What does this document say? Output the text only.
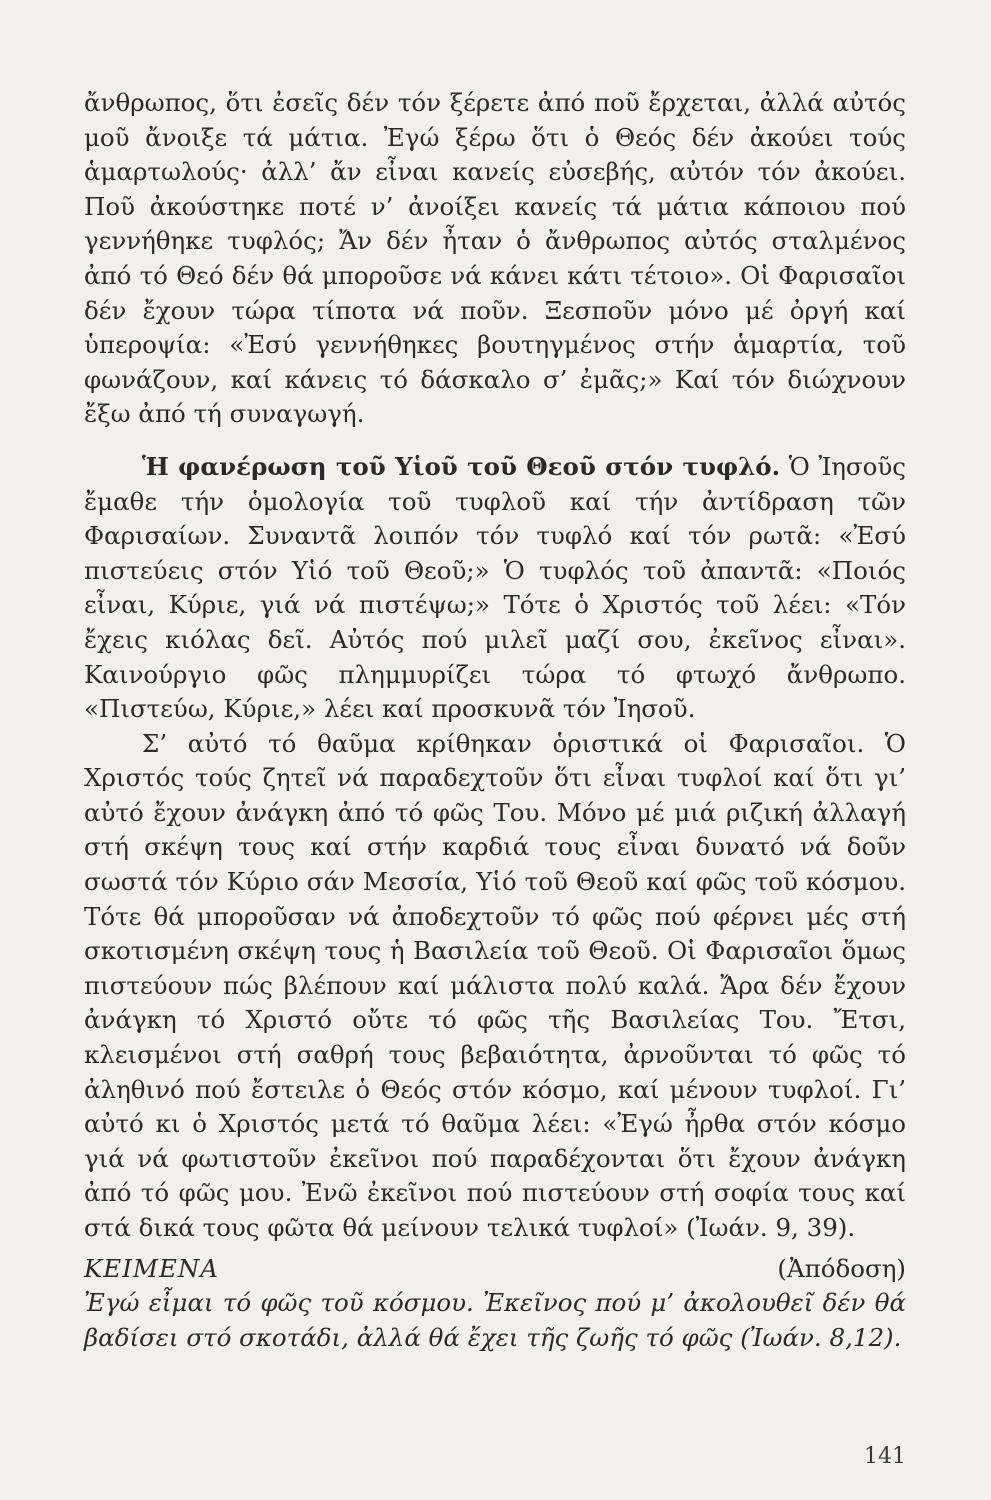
ἄνθρωπος, ὅτι ἐσεῖς δέν τόν ξέρετε ἀπό ποῦ ἔρχεται, ἀλλά αὐτός μοῦ ἄνοιξε τά μάτια. Ἐγώ ξέρω ὅτι ὁ Θεός δέν ἀκούει τούς ἁμαρτωλούς· ἀλλ’ ἄν εἶναι κανείς εὐσεβής, αὐτόν τόν ἀκούει. Ποῦ ἀκούστηκε ποτέ ν’ ἀνοίξει κανείς τά μάτια κάποιου πού γεννήθηκε τυφλός; Ἄν δέν ἦταν ὁ ἄνθρωπος αὐτός σταλμένος ἀπό τό Θεό δέν θά μποροῦσε νά κάνει κάτι τέτοιο». Οἱ Φαρισαῖοι δέν ἔχουν τώρα τίποτα νά ποῦν. Ξεσποῦν μόνο μέ ὀργή καί ὑπεροψία: «Ἐσύ γεννήθηκες βουτηγμένος στήν ἁμαρτία, τοῦ φωνάζουν, καί κάνεις τό δάσκαλο σ’ ἐμᾶς;» Καί τόν διώχνουν ἔξω ἀπό τή συναγωγή.

Ἡ φανέρωση τοῦ Υἱοῦ τοῦ Θεοῦ στόν τυφλό. Ὁ Ἰησοῦς ἔμαθε τήν ὁμολογία τοῦ τυφλοῦ καί τήν ἀντίδραση τῶν Φαρισαίων. Συναντᾶ λοιπόν τόν τυφλό καί τόν ρωτᾶ: «Ἐσύ πιστεύεις στόν Υἱό τοῦ Θεοῦ;» Ὁ τυφλός τοῦ ἀπαντᾶ: «Ποιός εἶναι, Κύριε, γιά νά πιστέψω;» Τότε ὁ Χριστός τοῦ λέει: «Τόν ἔχεις κιόλας δεῖ. Αὐτός πού μιλεῖ μαζί σου, ἐκεῖνος εἶναι». Καινούργιο φῶς πλημμυρίζει τώρα τό φτωχό ἄνθρωπο. «Πιστεύω, Κύριε,» λέει καί προσκυνᾶ τόν Ἰησοῦ.

Σ’ αὐτό τό θαῦμα κρίθηκαν ὁριστικά οἱ Φαρισαῖοι. Ὁ Χριστός τούς ζητεῖ νά παραδεχτοῦν ὅτι εἶναι τυφλοί καί ὅτι γι’ αὐτό ἔχουν ἀνάγκη ἀπό τό φῶς Του. Μόνο μέ μιά ριζική ἀλλαγή στή σκέψη τους καί στήν καρδιά τους εἶναι δυνατό νά δοῦν σωστά τόν Κύριο σάν Μεσσία, Υἱό τοῦ Θεοῦ καί φῶς τοῦ κόσμου. Τότε θά μποροῦσαν νά ἀποδεχτοῦν τό φῶς πού φέρνει μές στή σκοτισμένη σκέψη τους ἡ Βασιλεία τοῦ Θεοῦ. Οἱ Φαρισαῖοι ὅμως πιστεύουν πώς βλέπουν καί μάλιστα πολύ καλά. Ἄρα δέν ἔχουν ἀνάγκη τό Χριστό οὔτε τό φῶς τῆς Βασιλείας Του. Ἔτσι, κλεισμένοι στή σαθρή τους βεβαιότητα, ἀρνοῦνται τό φῶς τό ἀληθινό πού ἔστειλε ὁ Θεός στόν κόσμο, καί μένουν τυφλοί. Γι’ αὐτό κι ὁ Χριστός μετά τό θαῦμα λέει: «Ἐγώ ἦρθα στόν κόσμο γιά νά φωτιστοῦν ἐκεῖνοι πού παραδέχονται ὅτι ἔχουν ἀνάγκη ἀπό τό φῶς μου. Ἐνῶ ἐκεῖνοι πού πιστεύουν στή σοφία τους καί στά δικά τους φῶτα θά μείνουν τελικά τυφλοί» (Ἰωάν. 9, 39).

ΚΕΙΜΕΝΑ	(Ἀπόδοση)

Ἐγώ εἶμαι τό φῶς τοῦ κόσμου. Ἐκεῖνος πού μ’ ἀκολουθεῖ δέν θά βαδίσει στό σκοτάδι, ἀλλά θά ἔχει τῆς ζωῆς τό φῶς (Ἰωάν. 8,12).

141
